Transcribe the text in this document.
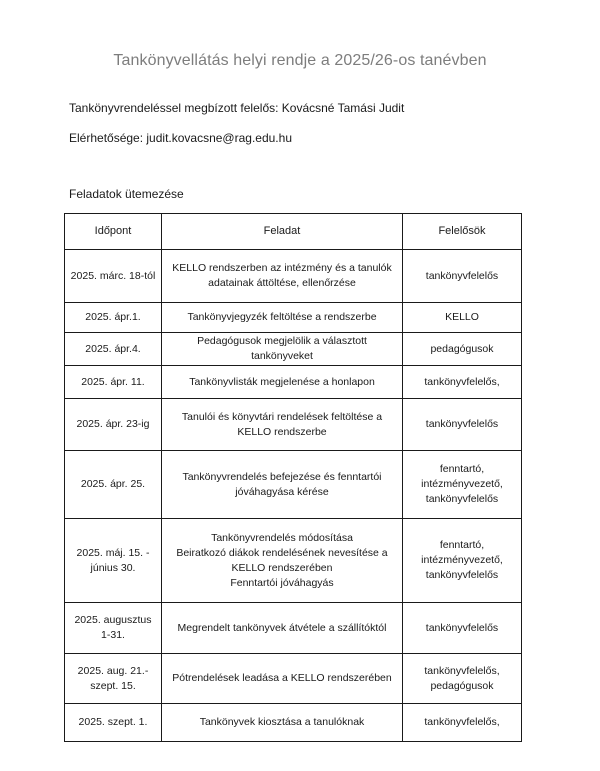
Tankönyvellátás helyi rendje a 2025/26-os tanévben
Tankönyvrendeléssel megbízott felelős: Kovácsné Tamási Judit
Elérhetősége: judit.kovacsne@rag.edu.hu
Feladatok ütemezése
Időpont	Feladat	Felelősök
2025. márc. 18-tól	KELLO rendszerben az intézmény és a tanulók adatainak áttöltése, ellenőrzése	tankönyvfelelős
2025. ápr.1.	Tankönyvjegyzék feltöltése a rendszerbe	KELLO
2025. ápr.4.	Pedagógusok megjelölik a választott tankönyveket	pedagógusok
2025. ápr. 11.	Tankönyvlisták megjelenése a honlapon	tankönyvfelelős,
2025. ápr. 23-ig	Tanulói és könyvtári rendelések feltöltése a KELLO rendszerbe	tankönyvfelelős
2025. ápr. 25.	Tankönyvrendelés befejezése és fenntartói jóváhagyása kérése	fenntartó, intézményvezető, tankönyvfelelős
2025. máj. 15. - június 30.	Tankönyvrendelés módosítása
Beiratkozó diákok rendelésének nevesítése a KELLO rendszerében
Fenntartói jóváhagyás	fenntartó, intézményvezető, tankönyvfelelős
2025. augusztus 1-31.	Megrendelt tankönyvek átvétele a szállítóktól	tankönyvfelelős
2025. aug. 21.- szept. 15.	Pótrendelések leadása a KELLO rendszerében	tankönyvfelelős, pedagógusok
2025. szept. 1.	Tankönyvek kiosztása a tanulóknak	tankönyvfelelős,
